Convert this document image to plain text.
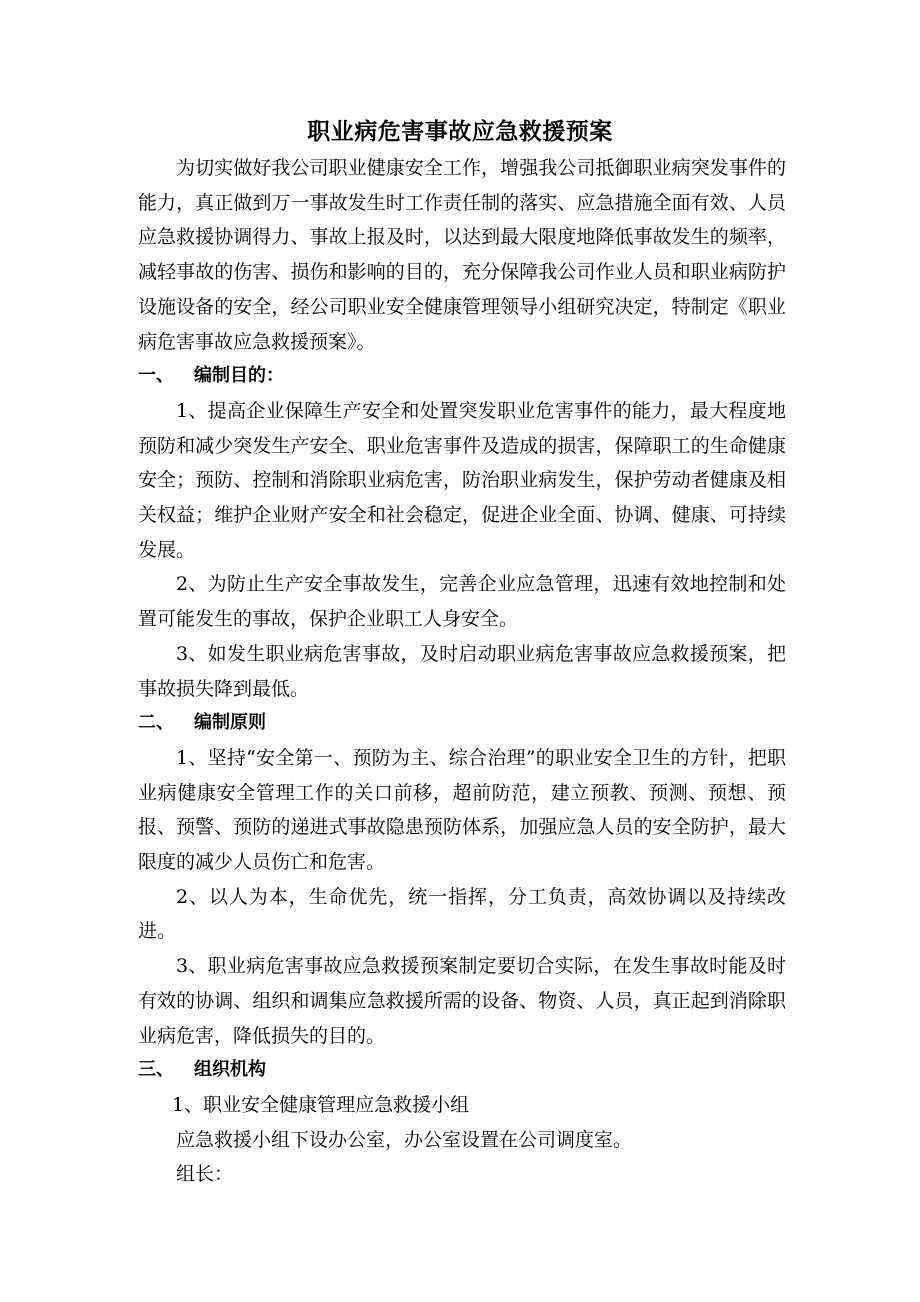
职业病危害事故应急救援预案

为切实做好我公司职业健康安全工作，增强我公司抵御职业病突发事件的能力，真正做到万一事故发生时工作责任制的落实、应急措施全面有效、人员应急救援协调得力、事故上报及时，以达到最大限度地降低事故发生的频率，减轻事故的伤害、损伤和影响的目的，充分保障我公司作业人员和职业病防护设施设备的安全，经公司职业安全健康管理领导小组研究决定，特制定《职业病危害事故应急救援预案》。

一、 编制目的：

1、提高企业保障生产安全和处置突发职业危害事件的能力，最大程度地预防和减少突发生产安全、职业危害事件及造成的损害，保障职工的生命健康安全；预防、控制和消除职业病危害，防治职业病发生，保护劳动者健康及相关权益；维护企业财产安全和社会稳定，促进企业全面、协调、健康、可持续发展。

2、为防止生产安全事故发生，完善企业应急管理，迅速有效地控制和处置可能发生的事故，保护企业职工人身安全。

3、如发生职业病危害事故，及时启动职业病危害事故应急救援预案，把事故损失降到最低。

二、 编制原则

1、坚持“安全第一、预防为主、综合治理”的职业安全卫生的方针，把职业病健康安全管理工作的关口前移，超前防范，建立预教、预测、预想、预报、预警、预防的递进式事故隐患预防体系，加强应急人员的安全防护，最大限度的减少人员伤亡和危害。

2、以人为本，生命优先，统一指挥，分工负责，高效协调以及持续改进。

3、职业病危害事故应急救援预案制定要切合实际，在发生事故时能及时有效的协调、组织和调集应急救援所需的设备、物资、人员，真正起到消除职业病危害，降低损失的目的。

三、 组织机构

1、职业安全健康管理应急救援小组

应急救援小组下设办公室，办公室设置在公司调度室。

组长：
